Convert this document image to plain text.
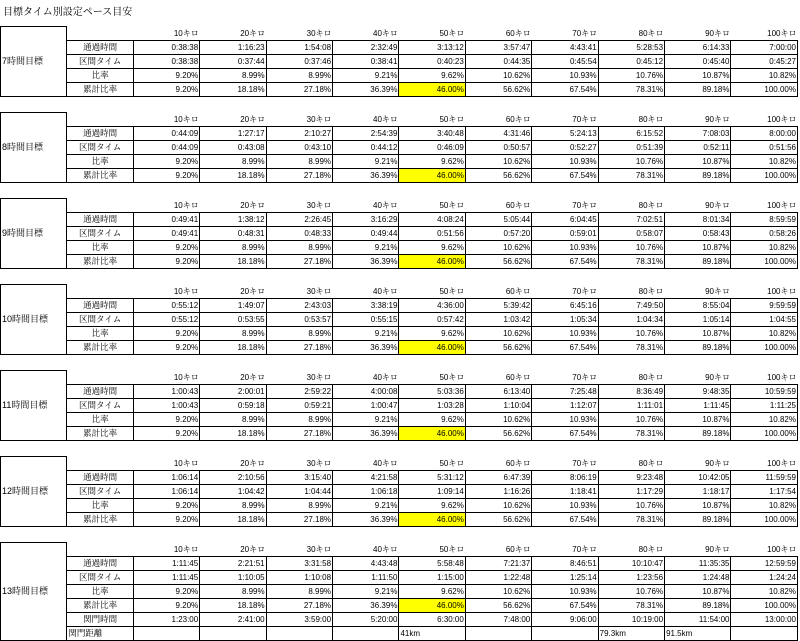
目標タイム別設定ペース目安
7時間目標		10キロ	20キロ	30キロ	40キロ	50キロ	60キロ	70キロ	80キロ	90キロ	100キロ
	通過時間	0:38:38	1:16:23	1:54:08	2:32:49	3:13:12	3:57:47	4:43:41	5:28:53	6:14:33	7:00:00
	区間タイム	0:38:38	0:37:44	0:37:46	0:38:41	0:40:23	0:44:35	0:45:54	0:45:12	0:45:40	0:45:27
	比率	9.20%	8.99%	8.99%	9.21%	9.62%	10.62%	10.93%	10.76%	10.87%	10.82%
	累計比率	9.20%	18.18%	27.18%	36.39%	46.00%	56.62%	67.54%	78.31%	89.18%	100.00%
8時間目標		10キロ	20キロ	30キロ	40キロ	50キロ	60キロ	70キロ	80キロ	90キロ	100キロ
	通過時間	0:44:09	1:27:17	2:10:27	2:54:39	3:40:48	4:31:46	5:24:13	6:15:52	7:08:03	8:00:00
	区間タイム	0:44:09	0:43:08	0:43:10	0:44:12	0:46:09	0:50:57	0:52:27	0:51:39	0:52:11	0:51:56
	比率	9.20%	8.99%	8.99%	9.21%	9.62%	10.62%	10.93%	10.76%	10.87%	10.82%
	累計比率	9.20%	18.18%	27.18%	36.39%	46.00%	56.62%	67.54%	78.31%	89.18%	100.00%
9時間目標		10キロ	20キロ	30キロ	40キロ	50キロ	60キロ	70キロ	80キロ	90キロ	100キロ
	通過時間	0:49:41	1:38:12	2:26:45	3:16:29	4:08:24	5:05:44	6:04:45	7:02:51	8:01:34	8:59:59
	区間タイム	0:49:41	0:48:31	0:48:33	0:49:44	0:51:56	0:57:20	0:59:01	0:58:07	0:58:43	0:58:26
	比率	9.20%	8.99%	8.99%	9.21%	9.62%	10.62%	10.93%	10.76%	10.87%	10.82%
	累計比率	9.20%	18.18%	27.18%	36.39%	46.00%	56.62%	67.54%	78.31%	89.18%	100.00%
10時間目標		10キロ	20キロ	30キロ	40キロ	50キロ	60キロ	70キロ	80キロ	90キロ	100キロ
	通過時間	0:55:12	1:49:07	2:43:03	3:38:19	4:36:00	5:39:42	6:45:16	7:49:50	8:55:04	9:59:59
	区間タイム	0:55:12	0:53:55	0:53:57	0:55:15	0:57:42	1:03:42	1:05:34	1:04:34	1:05:14	1:04:55
	比率	9.20%	8.99%	8.99%	9.21%	9.62%	10.62%	10.93%	10.76%	10.87%	10.82%
	累計比率	9.20%	18.18%	27.18%	36.39%	46.00%	56.62%	67.54%	78.31%	89.18%	100.00%
11時間目標		10キロ	20キロ	30キロ	40キロ	50キロ	60キロ	70キロ	80キロ	90キロ	100キロ
	通過時間	1:00:43	2:00:01	2:59:22	4:00:08	5:03:36	6:13:40	7:25:48	8:36:49	9:48:35	10:59:59
	区間タイム	1:00:43	0:59:18	0:59:21	1:00:47	1:03:28	1:10:04	1:12:07	1:11:01	1:11:45	1:11:25
	比率	9.20%	8.99%	8.99%	9.21%	9.62%	10.62%	10.93%	10.76%	10.87%	10.82%
	累計比率	9.20%	18.18%	27.18%	36.39%	46.00%	56.62%	67.54%	78.31%	89.18%	100.00%
12時間目標		10キロ	20キロ	30キロ	40キロ	50キロ	60キロ	70キロ	80キロ	90キロ	100キロ
	通過時間	1:06:14	2:10:56	3:15:40	4:21:58	5:31:12	6:47:39	8:06:19	9:23:48	10:42:05	11:59:59
	区間タイム	1:06:14	1:04:42	1:04:44	1:06:18	1:09:14	1:16:26	1:18:41	1:17:29	1:18:17	1:17:54
	比率	9.20%	8.99%	8.99%	9.21%	9.62%	10.62%	10.93%	10.76%	10.87%	10.82%
	累計比率	9.20%	18.18%	27.18%	36.39%	46.00%	56.62%	67.54%	78.31%	89.18%	100.00%
13時間目標		10キロ	20キロ	30キロ	40キロ	50キロ	60キロ	70キロ	80キロ	90キロ	100キロ
	通過時間	1:11:45	2:21:51	3:31:58	4:43:48	5:58:48	7:21:37	8:46:51	10:10:47	11:35:35	12:59:59
	区間タイム	1:11:45	1:10:05	1:10:08	1:11:50	1:15:00	1:22:48	1:25:14	1:23:56	1:24:48	1:24:24
	比率	9.20%	8.99%	8.99%	9.21%	9.62%	10.62%	10.93%	10.76%	10.87%	10.82%
	累計比率	9.20%	18.18%	27.18%	36.39%	46.00%	56.62%	67.54%	78.31%	89.18%	100.00%
	関門時間	1:23:00	2:41:00	3:59:00	5:20:00	6:30:00	7:48:00	9:06:00	10:19:00	11:54:00	13:00:00
	関門距離					41km			79.3km	91.5km	
